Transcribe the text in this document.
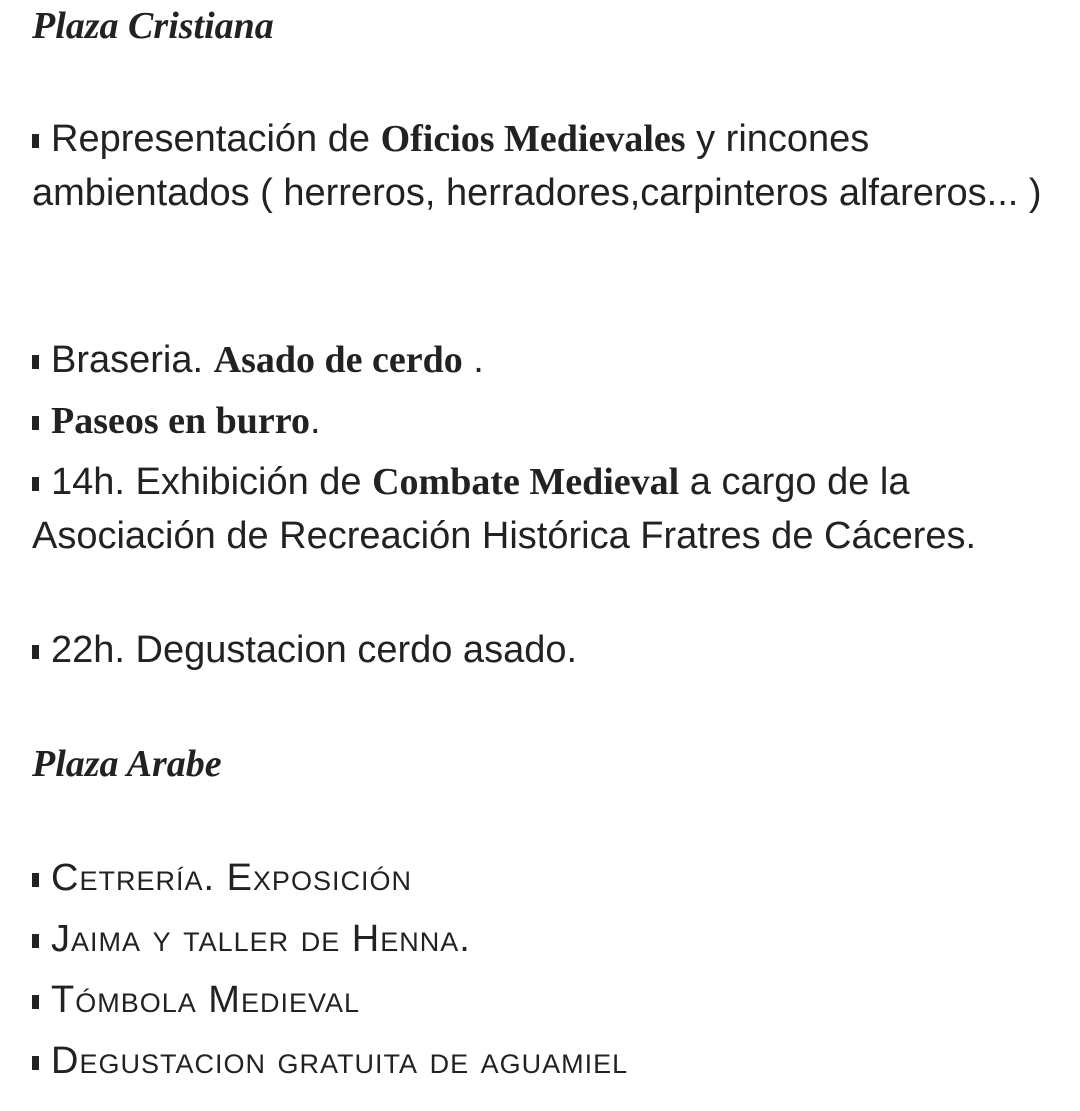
Plaza Cristiana

Representación de Oficios Medievales y rincones ambientados ( herreros, herradores,carpinteros alfareros... )

Braseria. Asado de cerdo .

Paseos en burro.

14h. Exhibición de Combate Medieval a cargo de la Asociación de Recreación Histórica Fratres de Cáceres.

22h. Degustacion cerdo asado.

Plaza Arabe

Cetrería. Exposición

Jaima y taller de Henna.

Tómbola Medieval

Degustacion gratuita de aguamiel
